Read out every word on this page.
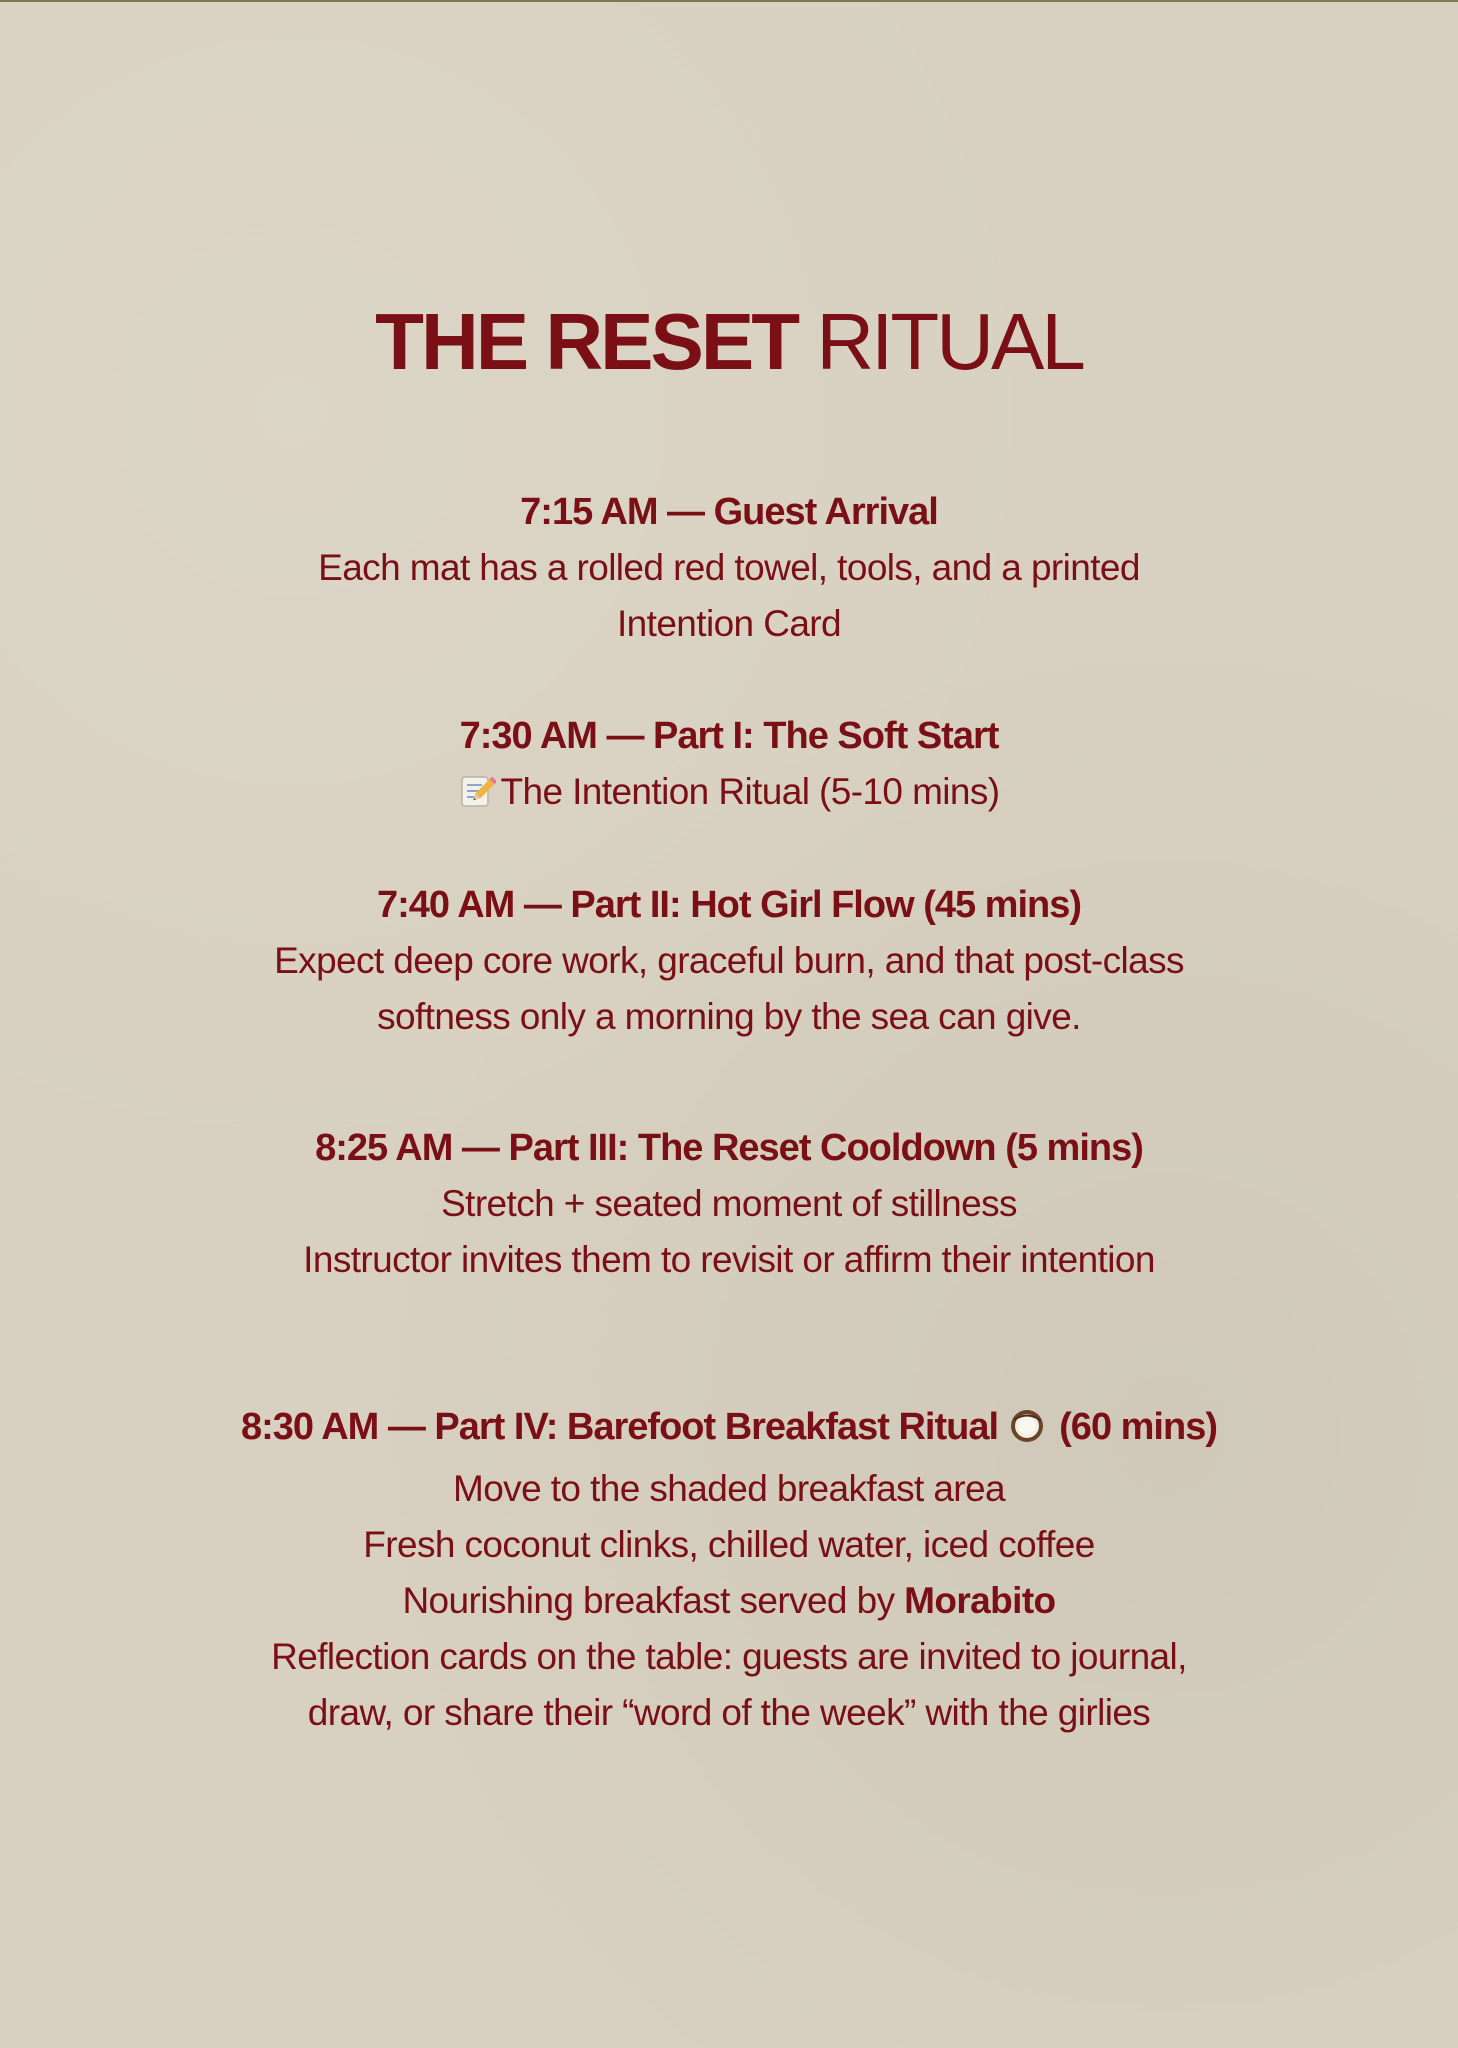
THE RESET RITUAL
7:15 AM — Guest Arrival
Each mat has a rolled red towel, tools, and a printed
Intention Card
7:30 AM — Part I: The Soft Start
The Intention Ritual (5-10 mins)
7:40 AM — Part II: Hot Girl Flow (45 mins)
Expect deep core work, graceful burn, and that post-class
softness only a morning by the sea can give.
8:25 AM — Part III: The Reset Cooldown (5 mins)
Stretch + seated moment of stillness
Instructor invites them to revisit or affirm their intention
8:30 AM — Part IV: Barefoot Breakfast Ritual (60 mins)
Move to the shaded breakfast area
Fresh coconut clinks, chilled water, iced coffee
Nourishing breakfast served by Morabito
Reflection cards on the table: guests are invited to journal,
draw, or share their “word of the week” with the girlies
